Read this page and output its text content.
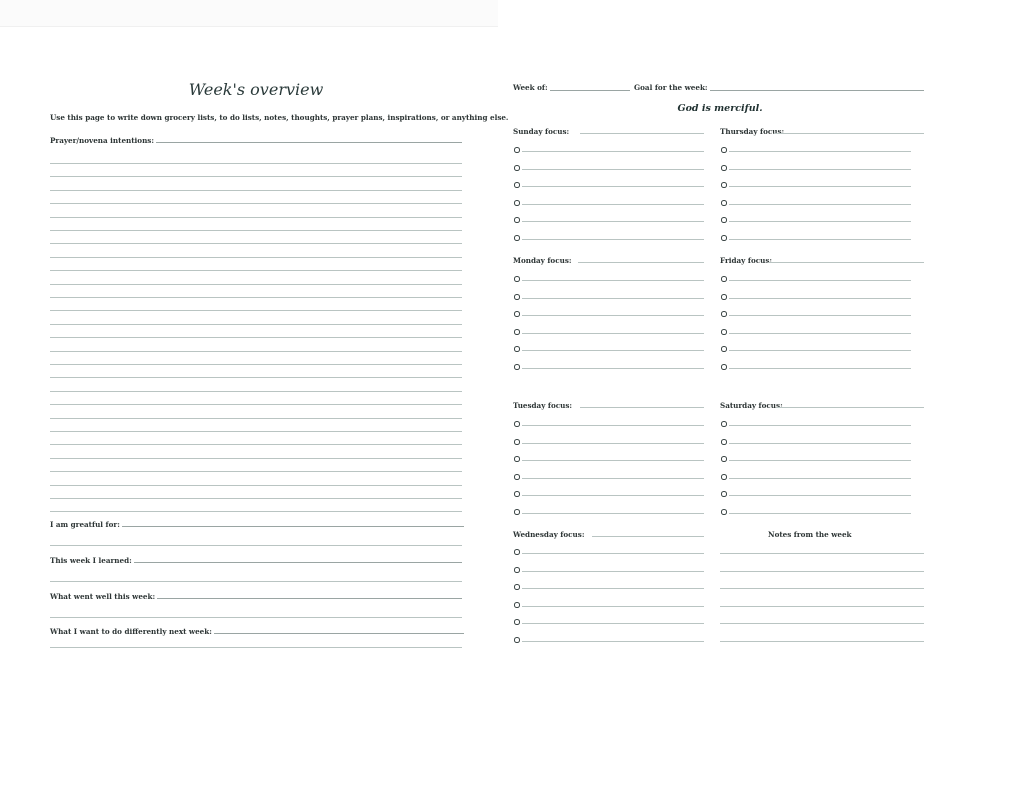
Week's overview
Use this page to write down grocery lists, to do lists, notes, thoughts, prayer plans, inspirations, or anything else.
Prayer/novena intentions:
I am greatful for:
This week I learned:
What went well this week:
What I want to do differently next week:
Week of:	Goal for the week:
God is merciful.
Sunday focus:	Thursday focus:
Monday focus:	Friday focus:
Tuesday focus:	Saturday focus:
Wednesday focus:	Notes from the week
